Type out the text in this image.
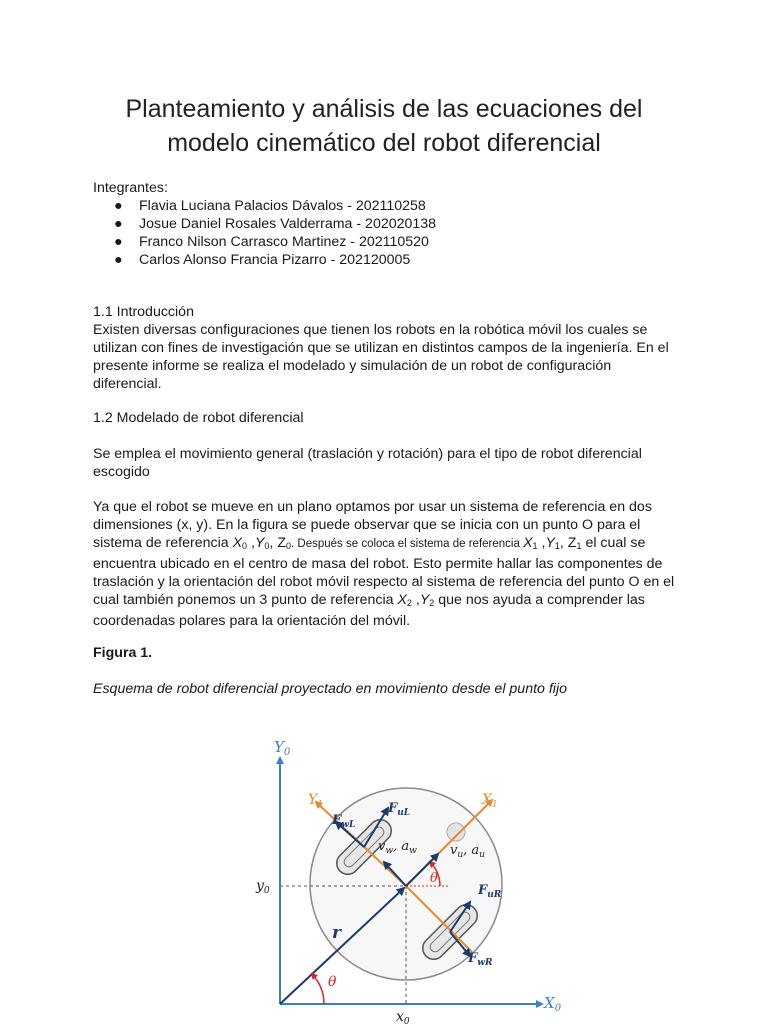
Planteamiento y análisis de las ecuaciones del
modelo cinemático del robot diferencial

Integrantes:

● Flavia Luciana Palacios Dávalos - 202110258
● Josue Daniel Rosales Valderrama - 202020138
● Franco Nilson Carrasco Martinez - 202110520
● Carlos Alonso Francia Pizarro - 202120005

1.1 Introducción

Existen diversas configuraciones que tienen los robots en la robótica móvil los cuales se utilizan con fines de investigación que se utilizan en distintos campos de la ingeniería. En el presente informe se realiza el modelado y simulación de un robot de configuración diferencial.

1.2 Modelado de robot diferencial
Se emplea el movimiento general (traslación y rotación) para el tipo de robot diferencial escogido
Ya que el robot se mueve en un plano optamos por usar un sistema de referencia en dos dimensiones (x, y). En la figura se puede observar que se inicia con un punto O para el sistema de referencia $X_0$ $,Y_0$, $Z_0$. Después se coloca el sistema de referencia $X_1$ $,Y_1$, $Z_1$ el cual se encuentra ubicado en el centro de masa del robot. Esto permite hallar las componentes de traslación y la orientación del robot móvil respecto al sistema de referencia del punto O en el cual también ponemos un 3 punto de referencia $X_2$ $,Y_2$ que nos ayuda a comprender las coordenadas polares para la orientación del móvil.
Figura 1.
Esquema de robot diferencial proyectado en movimiento desde el punto fijo
$Y_0$
$X_0$
$Y_1$	$X_1$
$y_0$
$x_0$
r
θ
θ
$F_{uL}$
$F_{wL}$
$F_{uR}$
$F_{wR}$
$v_w$, $a_w$	$v_u$, $a_u$
